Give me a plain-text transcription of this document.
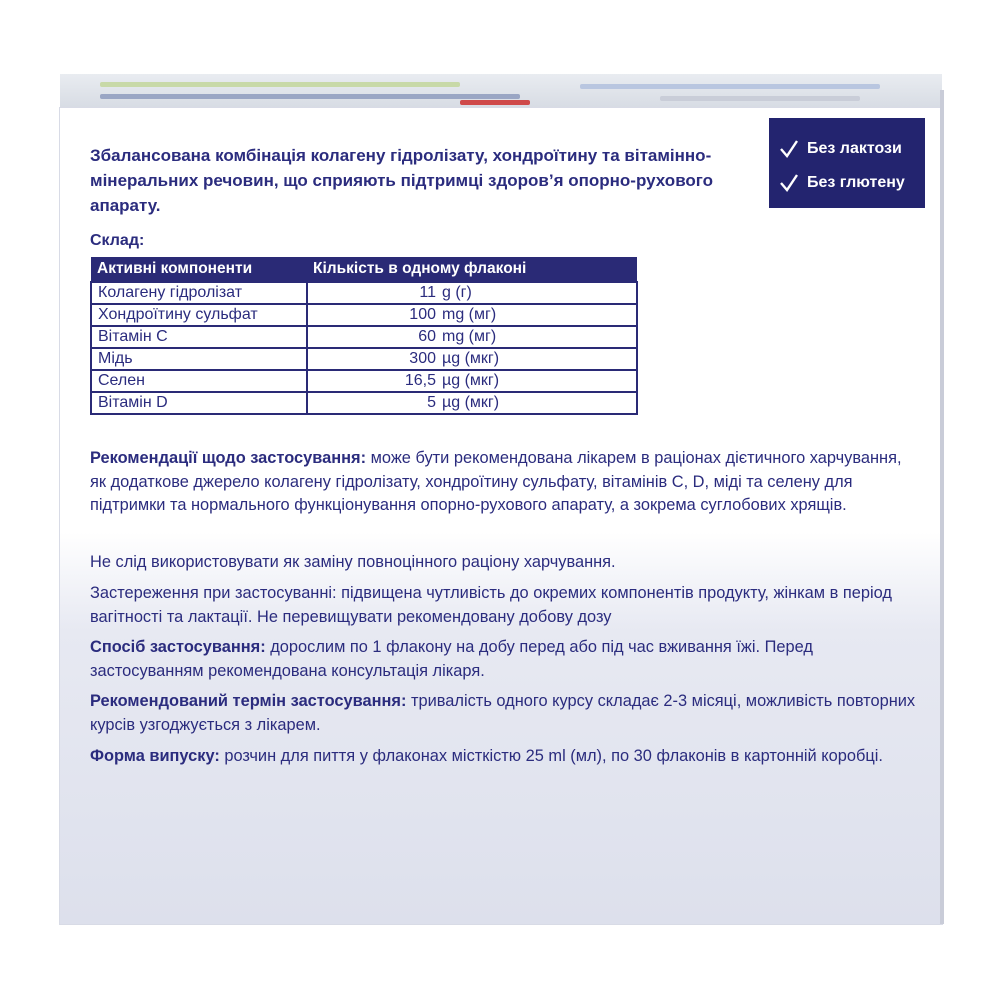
Без лактози
Без глютену
Збалансована комбінація колагену гідролізату, хондроїтину та вітамінно-мінеральних речовин, що сприяють підтримці здоров’я опорно-рухового апарату.
Склад:
Активні компоненти	Кількість в одному флаконі
Колагену гідролізат	11 g (г)
Хондроїтину сульфат	100 mg (мг)
Вітамін С	60 mg (мг)
Мідь	300 µg (мкг)
Селен	16,5 µg (мкг)
Вітамін D	5 µg (мкг)
Рекомендації щодо застосування: може бути рекомендована лікарем в раціонах дієтичного харчування, як додаткове джерело колагену гідролізату, хондроїтину сульфату, вітамінів С, D, міді та селену для підтримки та нормального функціонування опорно-рухового апарату, а зокрема суглобових хрящів.
Не слід використовувати як заміну повноцінного раціону харчування.
Застереження при застосуванні: підвищена чутливість до окремих компонентів продукту, жінкам в період вагітності та лактації. Не перевищувати рекомендовану добову дозу
Спосіб застосування: дорослим по 1 флакону на добу перед або під час вживання їжі. Перед застосуванням рекомендована консультація лікаря.
Рекомендований термін застосування: тривалість одного курсу складає 2-3 місяці, можливість повторних курсів узгоджується з лікарем.
Форма випуску: розчин для пиття у флаконах місткістю 25 ml (мл), по 30 флаконів в картонній коробці.
